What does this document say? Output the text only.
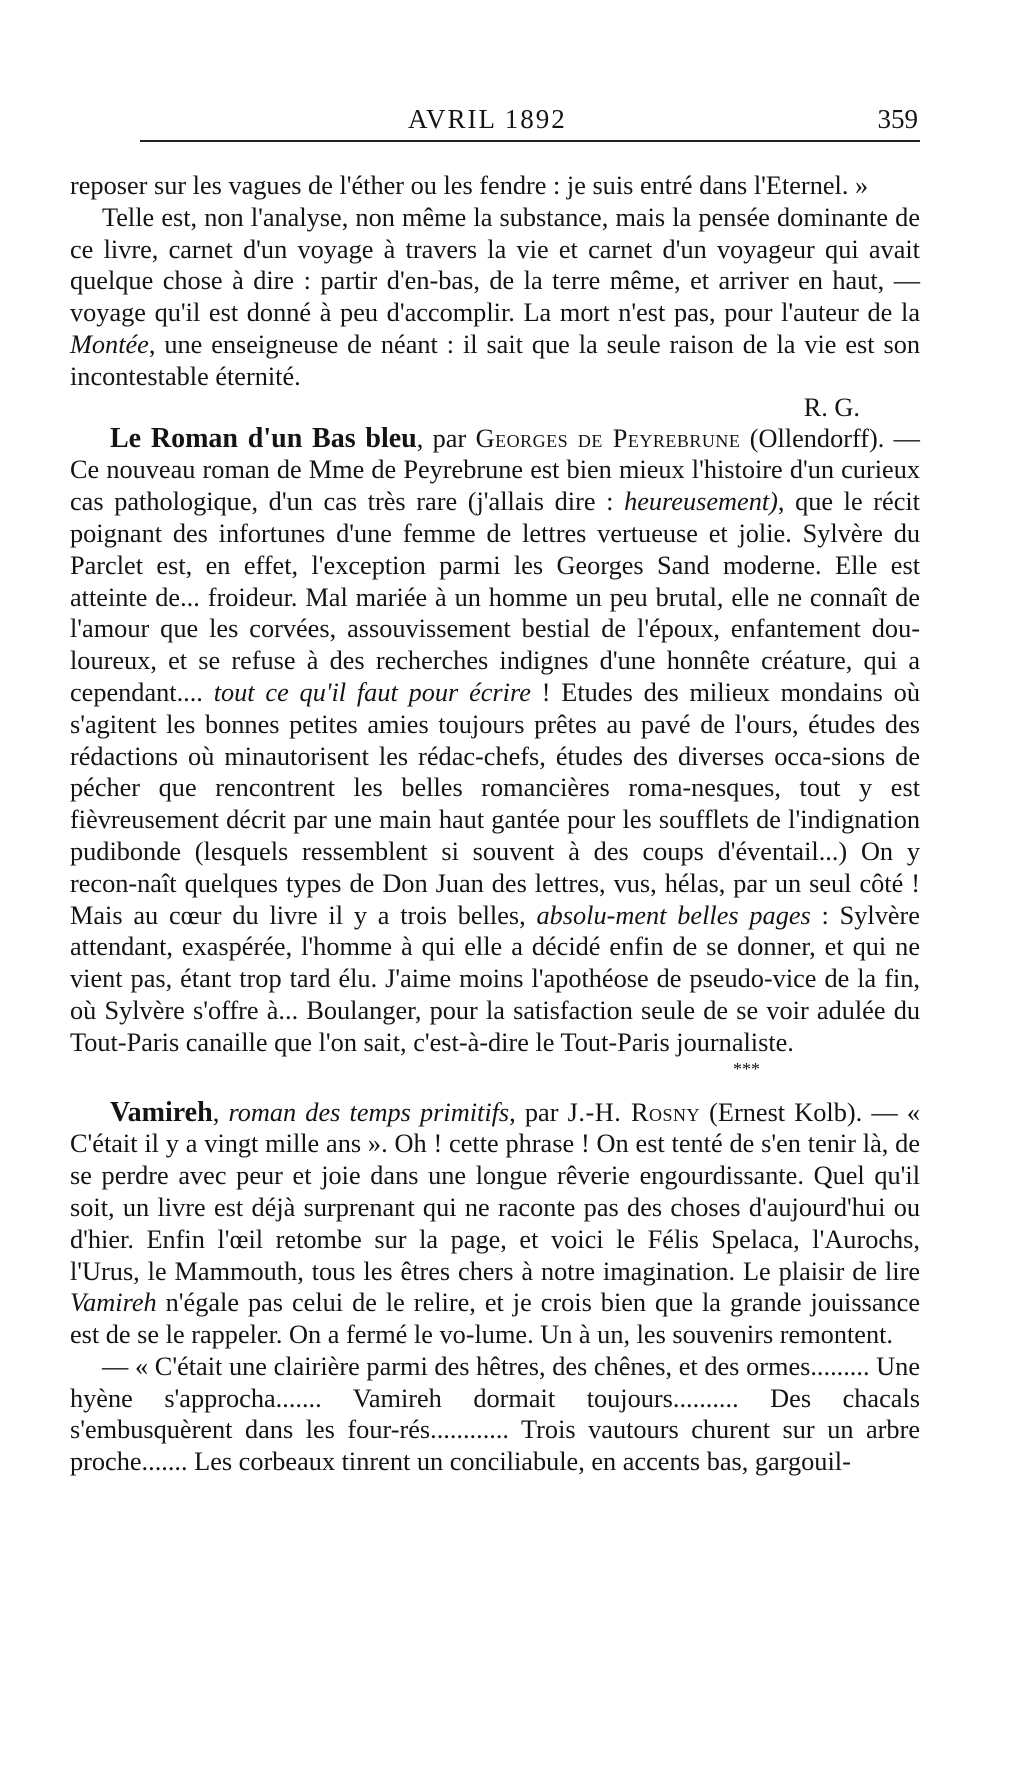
AVRIL 1892	359

reposer sur les vagues de l'éther ou les fendre : je suis entré dans l'Eternel. »

Telle est, non l'analyse, non même la substance, mais la pensée dominante de ce livre, carnet d'un voyage à travers la vie et carnet d'un voyageur qui avait quelque chose à dire : partir d'en-bas, de la terre même, et arriver en haut, — voyage qu'il est donné à peu d'accomplir. La mort n'est pas, pour l'auteur de la Montée, une enseigneuse de néant : il sait que la seule raison de la vie est son incontestable éternité.

R. G.

Le Roman d'un Bas bleu, par Georges de Peyrebrune (Ollendorff). — Ce nouveau roman de Mme de Peyrebrune est bien mieux l'histoire d'un curieux cas pathologique, d'un cas très rare (j'allais dire : heureusement), que le récit poignant des infortunes d'une femme de lettres vertueuse et jolie. Sylvère du Parclet est, en effet, l'exception parmi les Georges Sand moderne. Elle est atteinte de... froideur. Mal mariée à un homme un peu brutal, elle ne connaît de l'amour que les corvées, assouvissement bestial de l'époux, enfantement dou-loureux, et se refuse à des recherches indignes d'une honnête créature, qui a cependant.... tout ce qu'il faut pour écrire ! Etudes des milieux mondains où s'agitent les bonnes petites amies toujours prêtes au pavé de l'ours, études des rédactions où minautorisent les rédac-chefs, études des diverses occa-sions de pécher que rencontrent les belles romancières roma-nesques, tout y est fièvreusement décrit par une main haut gantée pour les soufflets de l'indignation pudibonde (lesquels ressemblent si souvent à des coups d'éventail...) On y recon-naît quelques types de Don Juan des lettres, vus, hélas, par un seul côté ! Mais au cœur du livre il y a trois belles, absolu-ment belles pages : Sylvère attendant, exaspérée, l'homme à qui elle a décidé enfin de se donner, et qui ne vient pas, étant trop tard élu. J'aime moins l'apothéose de pseudo-vice de la fin, où Sylvère s'offre à... Boulanger, pour la satisfaction seule de se voir adulée du Tout-Paris canaille que l'on sait, c'est-à-dire le Tout-Paris journaliste.

***

Vamireh, roman des temps primitifs, par J.-H. Rosny (Ernest Kolb). — « C'était il y a vingt mille ans ». Oh ! cette phrase ! On est tenté de s'en tenir là, de se perdre avec peur et joie dans une longue rêverie engourdissante. Quel qu'il soit, un livre est déjà surprenant qui ne raconte pas des choses d'aujourd'hui ou d'hier. Enfin l'œil retombe sur la page, et voici le Félis Spelaca, l'Aurochs, l'Urus, le Mammouth, tous les êtres chers à notre imagination. Le plaisir de lire Vamireh n'égale pas celui de le relire, et je crois bien que la grande jouissance est de se le rappeler. On a fermé le vo-lume. Un à un, les souvenirs remontent.

— « C'était une clairière parmi des hêtres, des chênes, et des ormes......... Une hyène s'approcha....... Vamireh dormait toujours.......... Des chacals s'embusquèrent dans les four-rés............ Trois vautours churent sur un arbre proche....... Les corbeaux tinrent un conciliabule, en accents bas, gargouil-
